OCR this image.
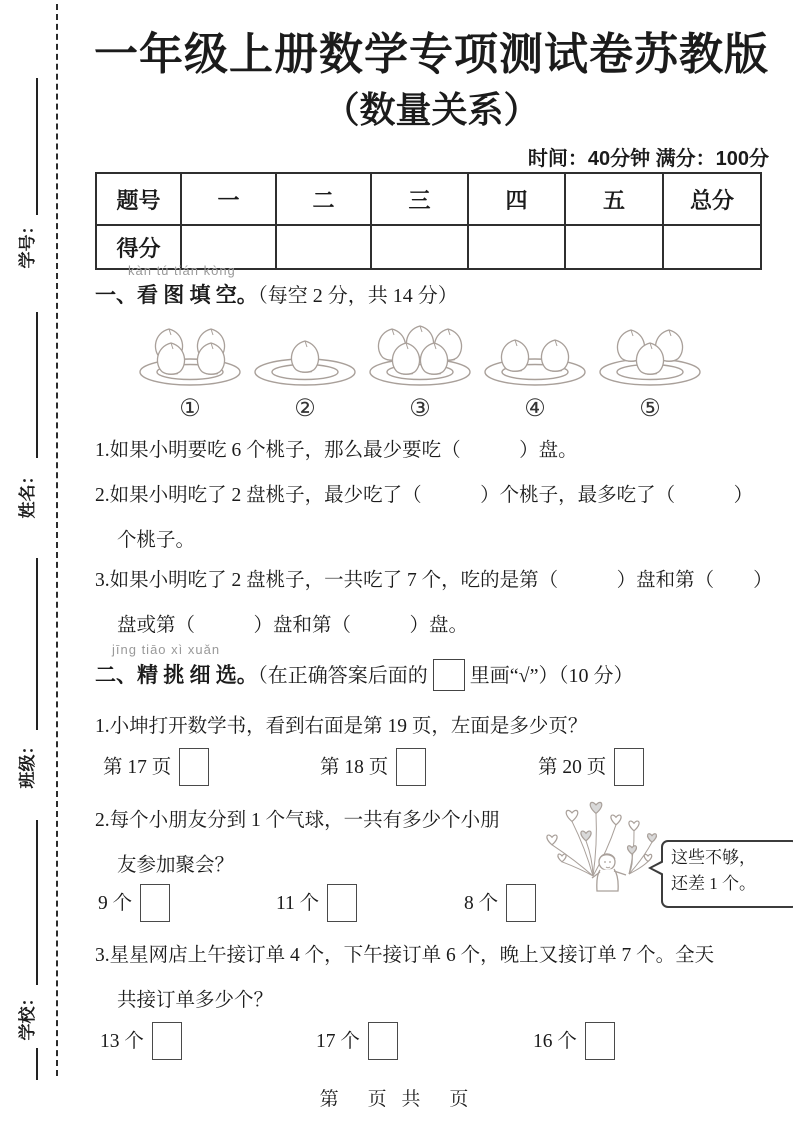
学号：
姓名：
班级：
学校：
一年级上册数学专项测试卷苏教版
（数量关系）
时间：40分钟 满分：100分
题号	一	二	三	四	五	总分
得分						
kàn tú tián kòng
一、看 图 填 空。（每空 2 分，共 14 分）
①	②	③	④	⑤
1.如果小明要吃 6 个桃子，那么最少要吃（　　　）盘。
2.如果小明吃了 2 盘桃子，最少吃了（　　　）个桃子，最多吃了（　　　）
个桃子。
3.如果小明吃了 2 盘桃子，一共吃了 7 个，吃的是第（　　　）盘和第（　　）
盘或第（　　　）盘和第（　　　）盘。
jīng tiāo xì xuǎn
二、精 挑 细 选。（在正确答案后面的 里画“√”）（10 分）
1.小坤打开数学书，看到右面是第 19 页，左面是多少页？
第 17 页	第 18 页	第 20 页
2.每个小朋友分到 1 个气球，一共有多少个小朋
友参加聚会？	这些不够，
还差 1 个。
9 个	11 个	8 个
3.星星网店上午接订单 4 个，下午接订单 6 个，晚上又接订单 7 个。全天
共接订单多少个？
13 个	17 个	16 个
第　页 共　页
